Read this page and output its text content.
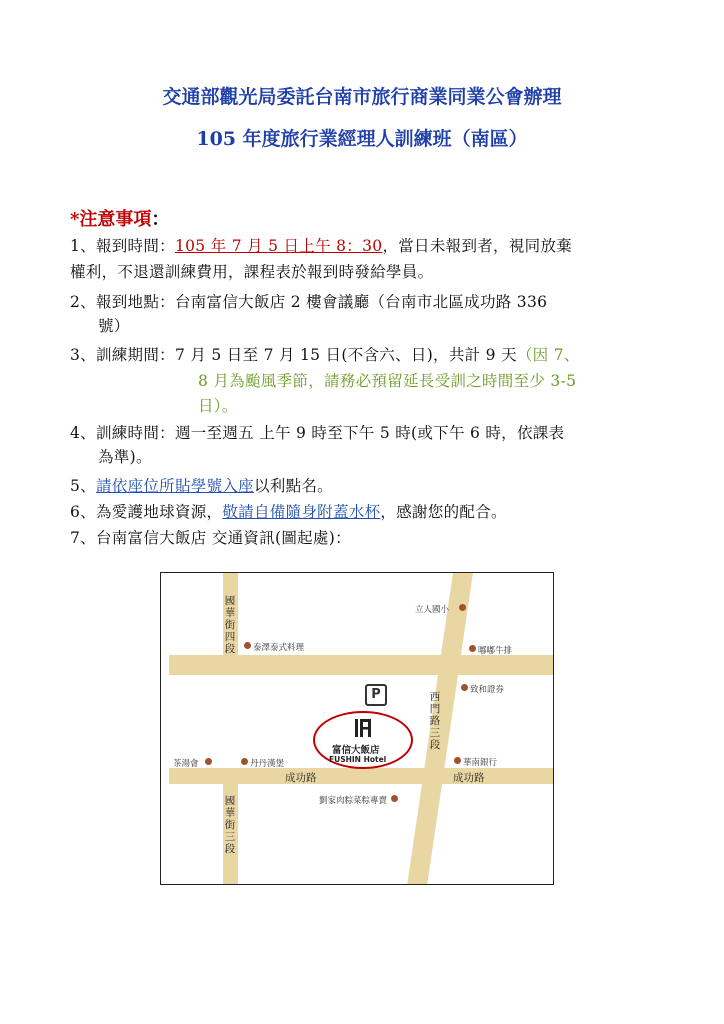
交通部觀光局委託台南市旅行商業同業公會辦理
105 年度旅行業經理人訓練班（南區）
*注意事項：
1、報到時間：105 年 7 月 5 日上午 8：30，當日未報到者，視同放棄
權利，不退還訓練費用，課程表於報到時發給學員。
2、報到地點：台南富信大飯店 2 樓會議廳（台南市北區成功路 336
號）
3、訓練期間：7 月 5 日至 7 月 15 日(不含六、日)，共計 9 天（因 7、
8 月為颱風季節，請務必預留延長受訓之時間至少 3-5
日）。
4、訓練時間：週一至週五 上午 9 時至下午 5 時(或下午 6 時，依課表
為準)。
5、請依座位所貼學號入座以利點名。
6、為愛護地球資源，敬請自備隨身附蓋水杯，感謝您的配合。
7、台南富信大飯店 交通資訊(圖起處)：
國華街四段
國華街三段
西門路三段
成功路	成功路
立人國小
泰澤泰式料理	嘟嘟牛排
致和證券
茶湯會	丹丹漢堡	華南銀行
劉家肉粽菜粽專賣
P
富信大飯店
FUSHIN Hotel
